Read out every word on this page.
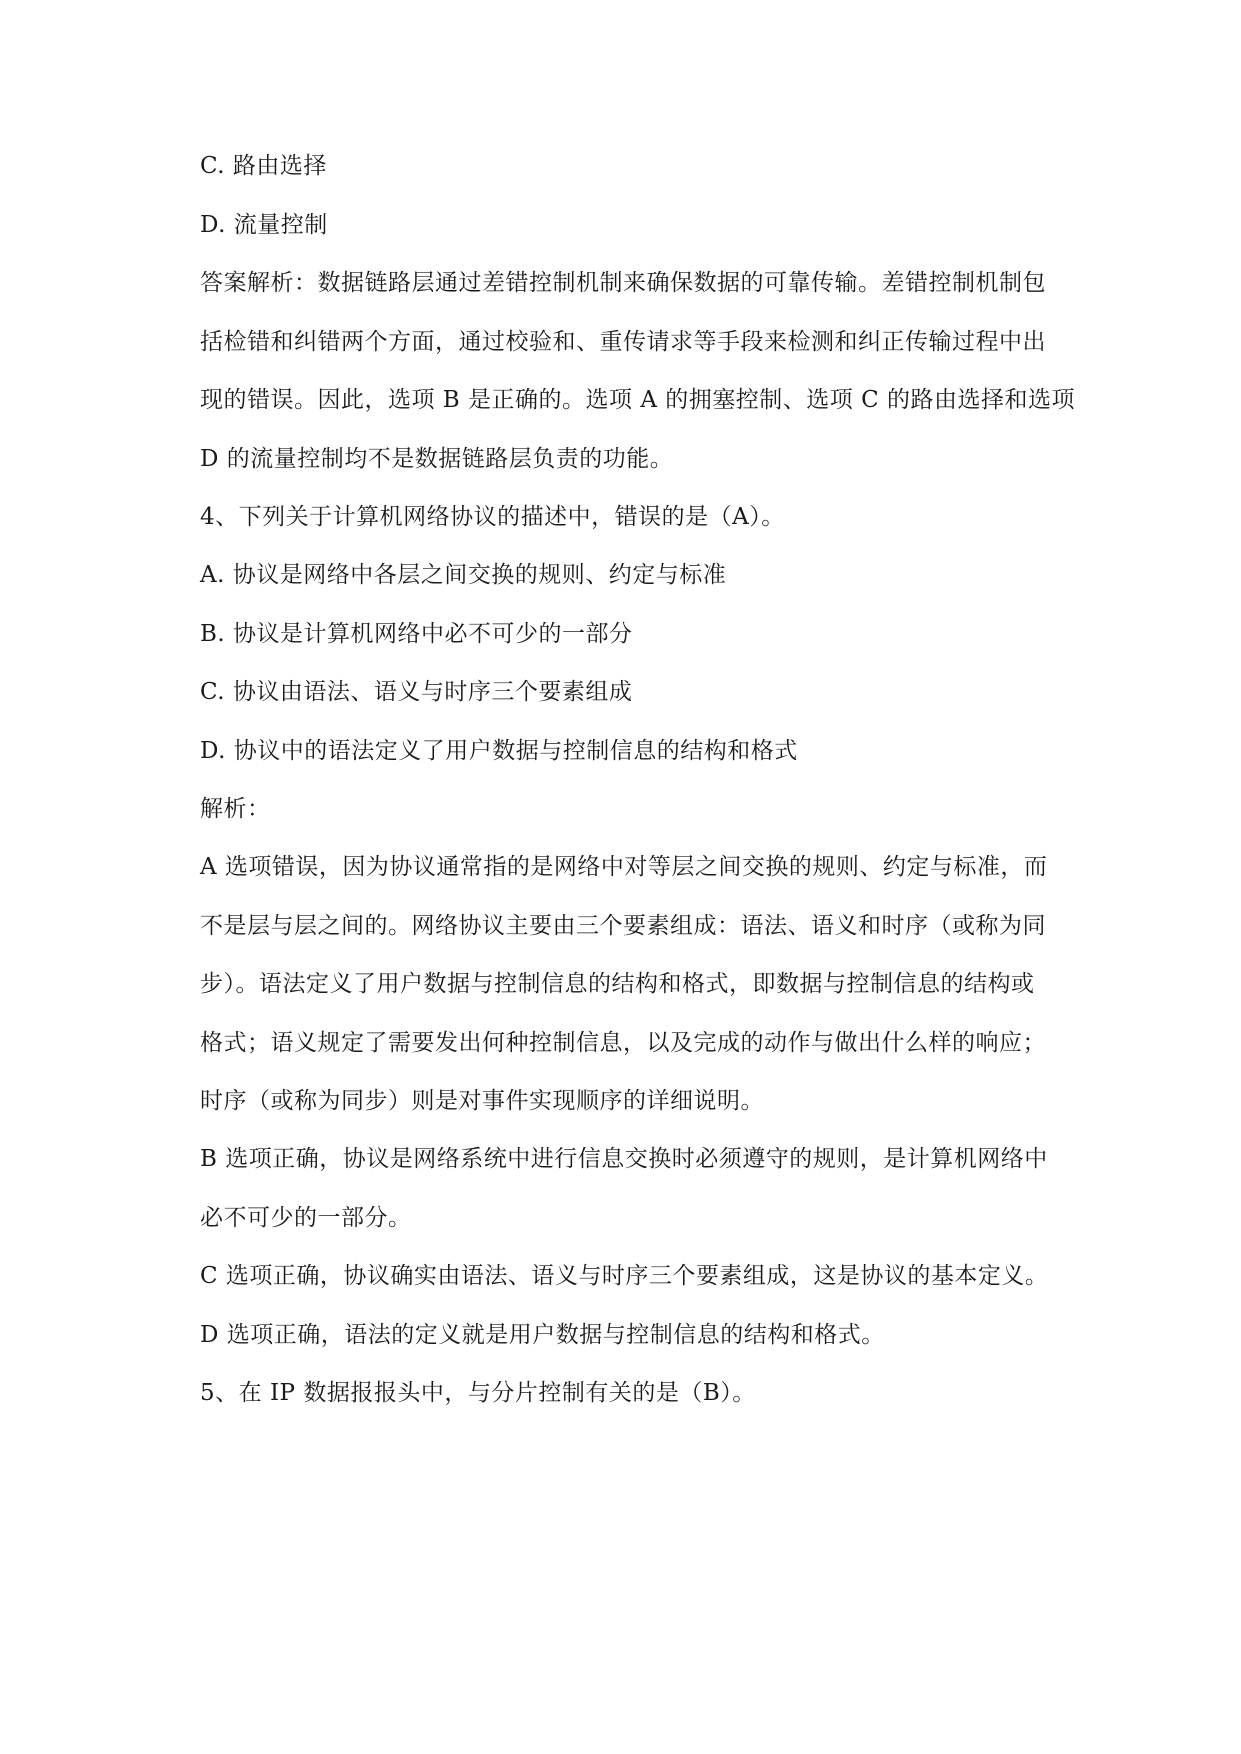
C. 路由选择
D. 流量控制
答案解析：数据链路层通过差错控制机制来确保数据的可靠传输。差错控制机制包
括检错和纠错两个方面，通过校验和、重传请求等手段来检测和纠正传输过程中出
现的错误。因此，选项 B 是正确的。选项 A 的拥塞控制、选项 C 的路由选择和选项
D 的流量控制均不是数据链路层负责的功能。
4、下列关于计算机网络协议的描述中，错误的是（A）。
A. 协议是网络中各层之间交换的规则、约定与标准
B. 协议是计算机网络中必不可少的一部分
C. 协议由语法、语义与时序三个要素组成
D. 协议中的语法定义了用户数据与控制信息的结构和格式
解析：
A 选项错误，因为协议通常指的是网络中对等层之间交换的规则、约定与标准，而
不是层与层之间的。网络协议主要由三个要素组成：语法、语义和时序（或称为同
步）。语法定义了用户数据与控制信息的结构和格式，即数据与控制信息的结构或
格式；语义规定了需要发出何种控制信息，以及完成的动作与做出什么样的响应；
时序（或称为同步）则是对事件实现顺序的详细说明。
B 选项正确，协议是网络系统中进行信息交换时必须遵守的规则，是计算机网络中
必不可少的一部分。
C 选项正确，协议确实由语法、语义与时序三个要素组成，这是协议的基本定义。
D 选项正确，语法的定义就是用户数据与控制信息的结构和格式。
5、在 IP 数据报报头中，与分片控制有关的是（B）。
